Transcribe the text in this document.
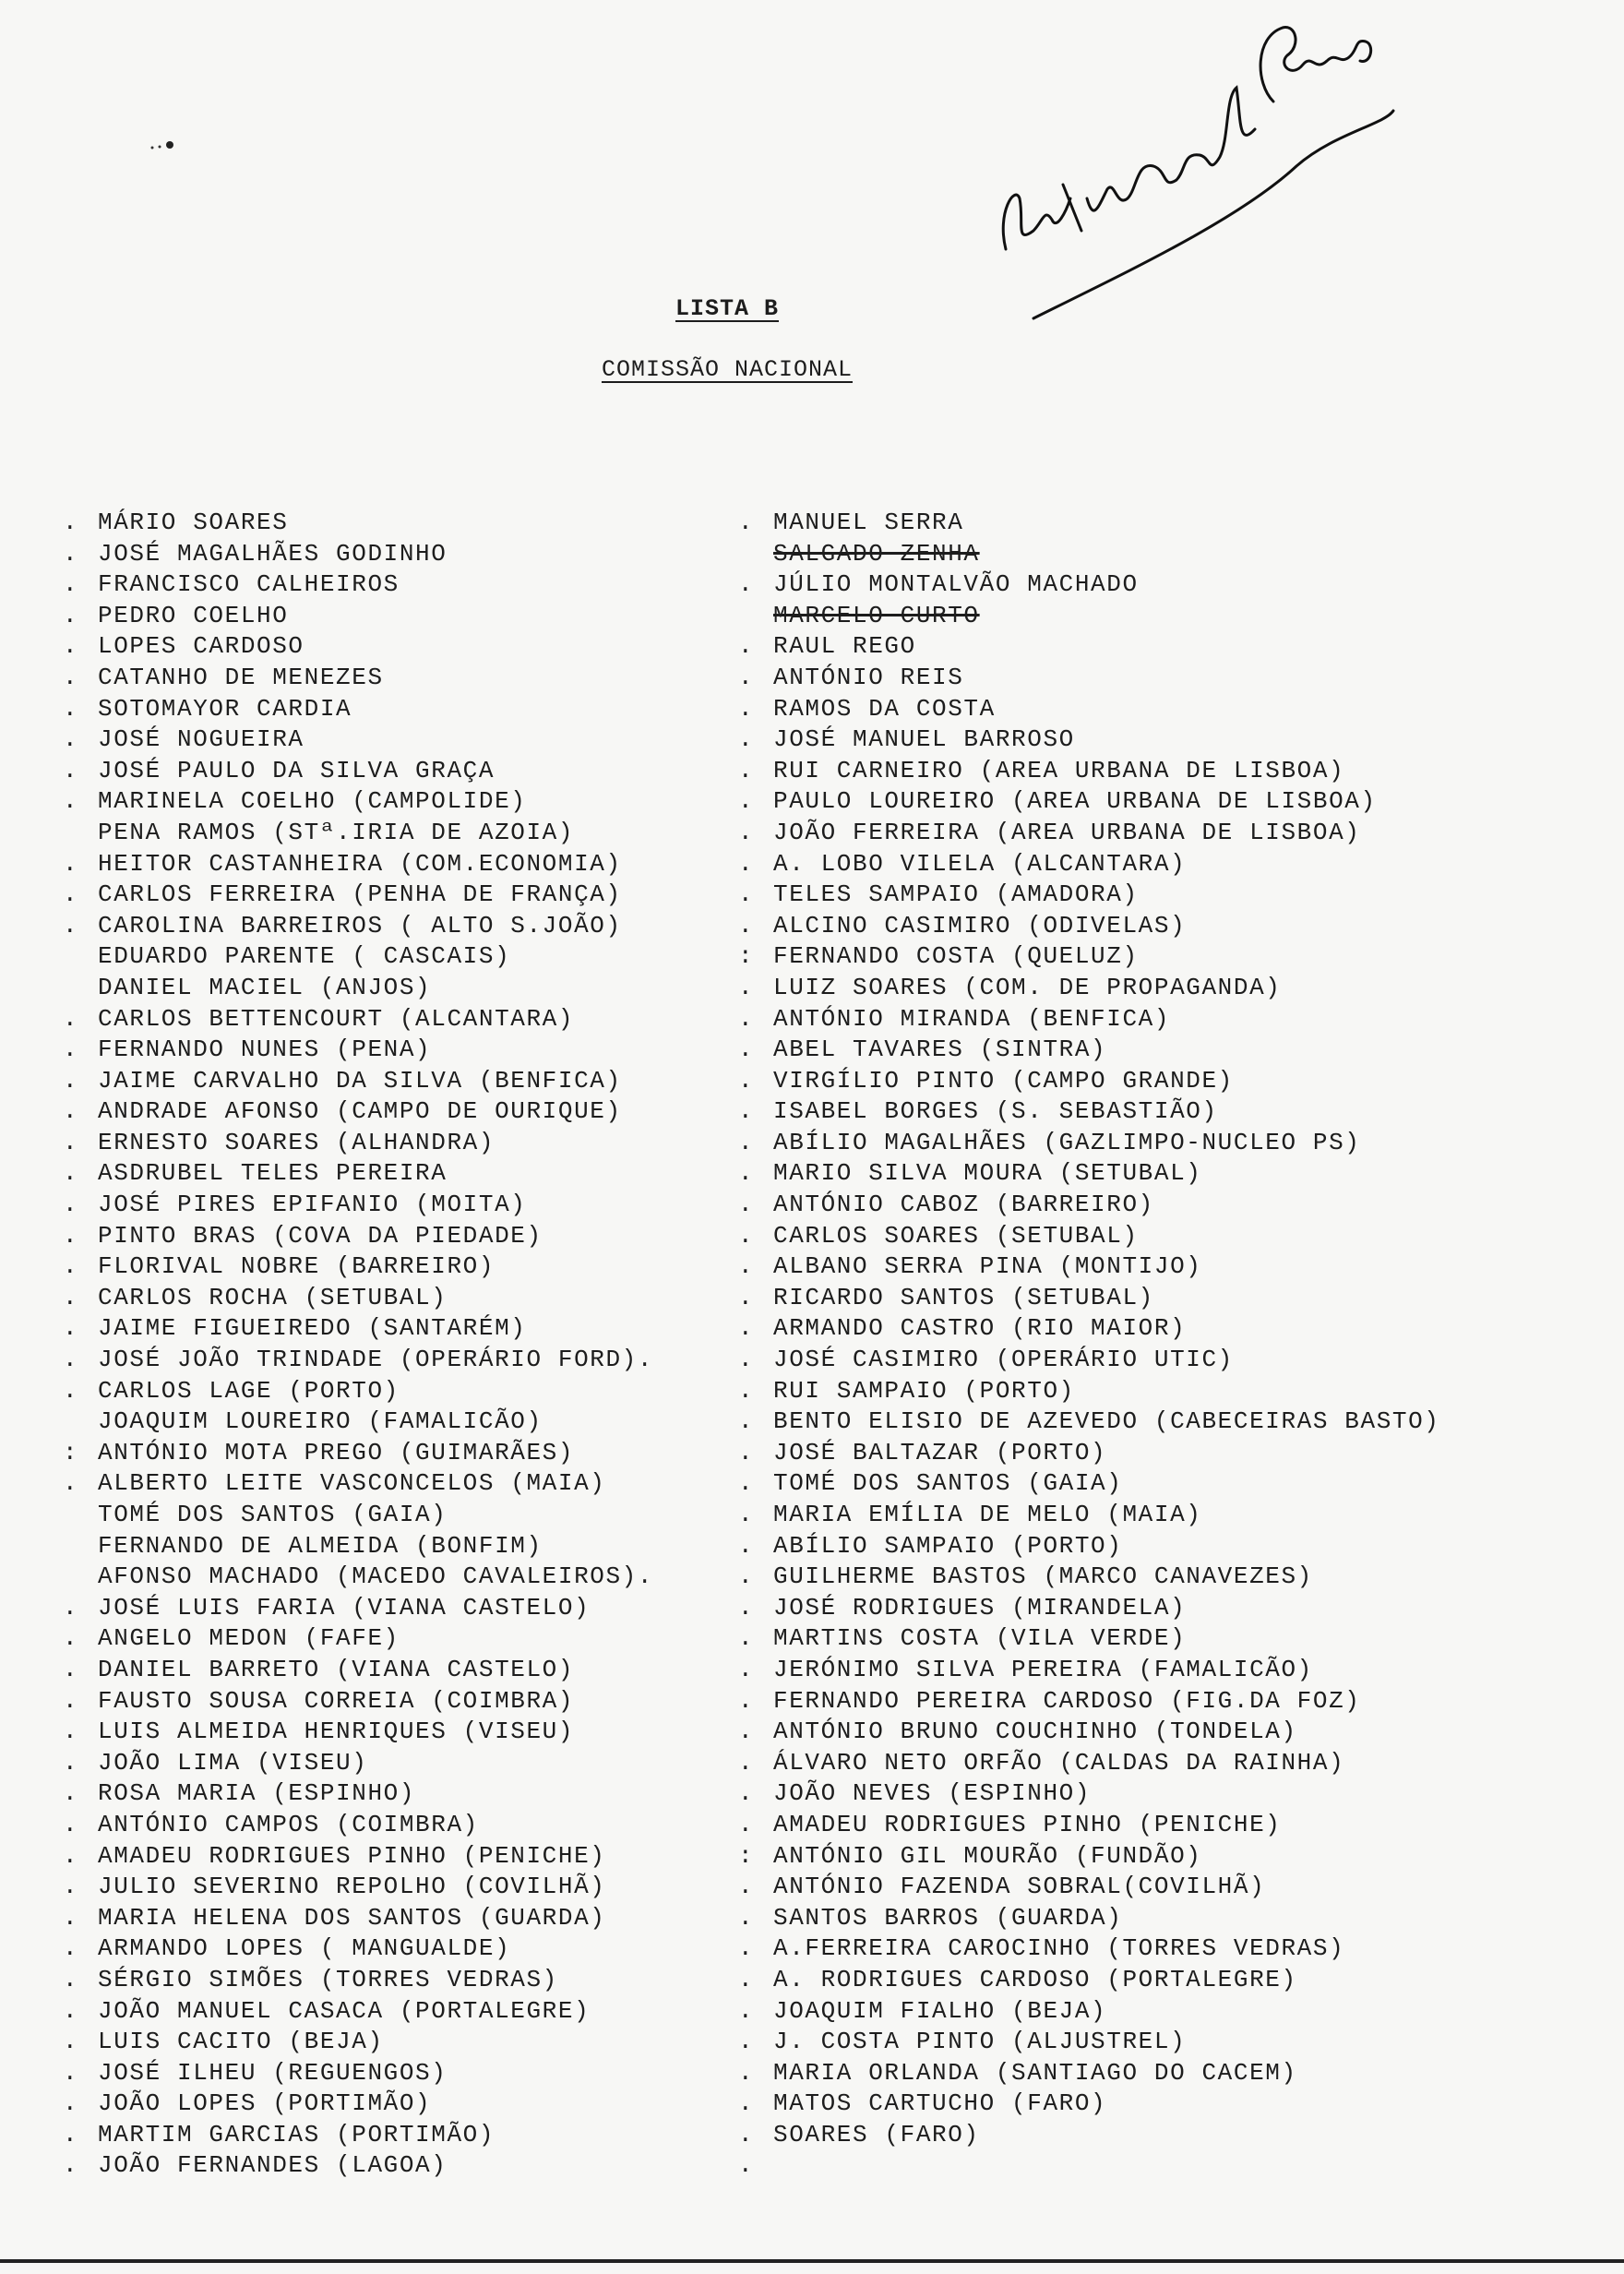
LISTA B
COMISSÃO NACIONAL
. MÁRIO SOARES
. JOSÉ MAGALHÃES GODINHO
. FRANCISCO CALHEIROS
. PEDRO COELHO
. LOPES CARDOSO
. CATANHO DE MENEZES
. SOTOMAYOR CARDIA
. JOSÉ NOGUEIRA
. JOSÉ PAULO DA SILVA GRAÇA
. MARINELA COELHO (CAMPOLIDE)
PENA RAMOS (STª.IRIA DE AZOIA)
. HEITOR CASTANHEIRA (COM.ECONOMIA)
. CARLOS FERREIRA (PENHA DE FRANÇA)
. CAROLINA BARREIROS ( ALTO S.JOÃO)
EDUARDO PARENTE ( CASCAIS)
DANIEL MACIEL (ANJOS)
. CARLOS BETTENCOURT (ALCANTARA)
. FERNANDO NUNES (PENA)
. JAIME CARVALHO DA SILVA (BENFICA)
. ANDRADE AFONSO (CAMPO DE OURIQUE)
. ERNESTO SOARES (ALHANDRA)
. ASDRUBEL TELES PEREIRA
. JOSÉ PIRES EPIFANIO (MOITA)
. PINTO BRAS (COVA DA PIEDADE)
. FLORIVAL NOBRE (BARREIRO)
. CARLOS ROCHA (SETUBAL)
. JAIME FIGUEIREDO (SANTARÉM)
. JOSÉ JOÃO TRINDADE (OPERÁRIO FORD).
. CARLOS LAGE (PORTO)
JOAQUIM LOUREIRO (FAMALICÃO)
: ANTÓNIO MOTA PREGO (GUIMARÃES)
. ALBERTO LEITE VASCONCELOS (MAIA)
TOMÉ DOS SANTOS (GAIA)
FERNANDO DE ALMEIDA (BONFIM)
AFONSO MACHADO (MACEDO CAVALEIROS).
. JOSÉ LUIS FARIA (VIANA CASTELO)
. ANGELO MEDON (FAFE)
. DANIEL BARRETO (VIANA CASTELO)
. FAUSTO SOUSA CORREIA (COIMBRA)
. LUIS ALMEIDA HENRIQUES (VISEU)
. JOÃO LIMA (VISEU)
. ROSA MARIA (ESPINHO)
. ANTÓNIO CAMPOS (COIMBRA)
. AMADEU RODRIGUES PINHO (PENICHE)
. JULIO SEVERINO REPOLHO (COVILHÃ)
. MARIA HELENA DOS SANTOS (GUARDA)
. ARMANDO LOPES ( MANGUALDE)
. SÉRGIO SIMÕES (TORRES VEDRAS)
. JOÃO MANUEL CASACA (PORTALEGRE)
. LUIS CACITO (BEJA)
. JOSÉ ILHEU (REGUENGOS)
. JOÃO LOPES (PORTIMÃO)
. MARTIM GARCIAS (PORTIMÃO)
. JOÃO FERNANDES (LAGOA)
. MANUEL SERRA
SALGADO ZENHA
. JÚLIO MONTALVÃO MACHADO
MARCELO CURTO
. RAUL REGO
. ANTÓNIO REIS
. RAMOS DA COSTA
. JOSÉ MANUEL BARROSO
. RUI CARNEIRO (AREA URBANA DE LISBOA)
. PAULO LOUREIRO (AREA URBANA DE LISBOA)
. JOÃO FERREIRA (AREA URBANA DE LISBOA)
. A. LOBO VILELA (ALCANTARA)
. TELES SAMPAIO (AMADORA)
. ALCINO CASIMIRO (ODIVELAS)
: FERNANDO COSTA (QUELUZ)
. LUIZ SOARES (COM. DE PROPAGANDA)
. ANTÓNIO MIRANDA (BENFICA)
. ABEL TAVARES (SINTRA)
. VIRGÍLIO PINTO (CAMPO GRANDE)
. ISABEL BORGES (S. SEBASTIÃO)
. ABÍLIO MAGALHÃES (GAZLIMPO-NUCLEO PS)
. MARIO SILVA MOURA (SETUBAL)
. ANTÓNIO CABOZ (BARREIRO)
. CARLOS SOARES (SETUBAL)
. ALBANO SERRA PINA (MONTIJO)
. RICARDO SANTOS (SETUBAL)
. ARMANDO CASTRO (RIO MAIOR)
. JOSÉ CASIMIRO (OPERÁRIO UTIC)
. RUI SAMPAIO (PORTO)
. BENTO ELISIO DE AZEVEDO (CABECEIRAS BASTO)
. JOSÉ BALTAZAR (PORTO)
. TOMÉ DOS SANTOS (GAIA)
. MARIA EMÍLIA DE MELO (MAIA)
. ABÍLIO SAMPAIO (PORTO)
. GUILHERME BASTOS (MARCO CANAVEZES)
. JOSÉ RODRIGUES (MIRANDELA)
. MARTINS COSTA (VILA VERDE)
. JERÓNIMO SILVA PEREIRA (FAMALICÃO)
. FERNANDO PEREIRA CARDOSO (FIG.DA FOZ)
. ANTÓNIO BRUNO COUCHINHO (TONDELA)
. ÁLVARO NETO ORFÃO (CALDAS DA RAINHA)
. JOÃO NEVES (ESPINHO)
. AMADEU RODRIGUES PINHO (PENICHE)
: ANTÓNIO GIL MOURÃO (FUNDÃO)
. ANTÓNIO FAZENDA SOBRAL(COVILHÃ)
. SANTOS BARROS (GUARDA)
. A.FERREIRA CAROCINHO (TORRES VEDRAS)
. A. RODRIGUES CARDOSO (PORTALEGRE)
. JOAQUIM FIALHO (BEJA)
. J. COSTA PINTO (ALJUSTREL)
. MARIA ORLANDA (SANTIAGO DO CACEM)
. MATOS CARTUCHO (FARO)
. SOARES (FARO)
.
